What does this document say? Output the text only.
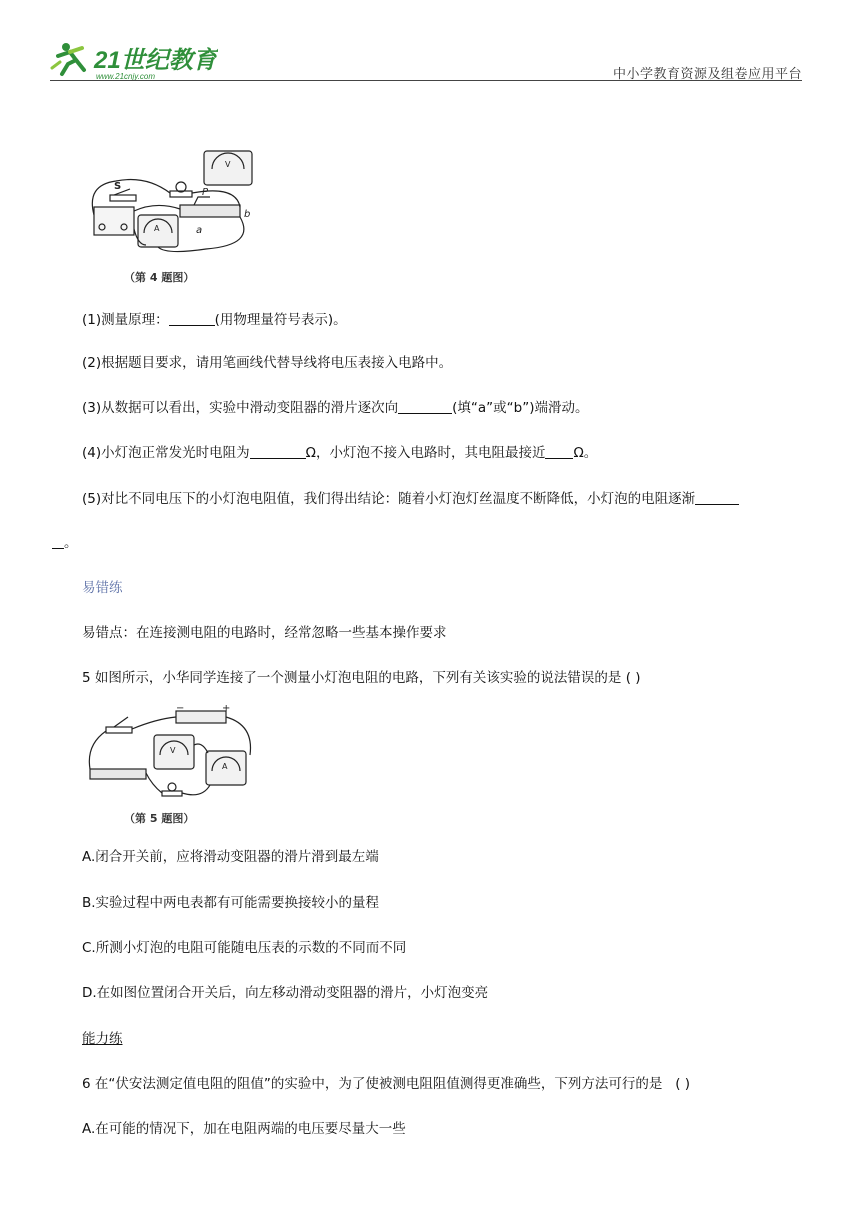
21世纪教育
www.21cnjy.com	中小学教育资源及组卷应用平台
V
S
P
a
b
A
（第 4 题图）
(1)测量原理：	(用物理量符号表示)。
(2)根据题目要求，请用笔画线代替导线将电压表接入电路中。
(3)从数据可以看出，实验中滑动变阻器的滑片逐次向	(填“a”或“b”)端滑动。
(4)小灯泡正常发光时电阻为	Ω，小灯泡不接入电路时，其电阻最接近 Ω。
(5)对比不同电压下的小灯泡电阻值，我们得出结论：随着小灯泡灯丝温度不断降低，小灯泡的电阻逐渐
。
易错练
易错点：在连接测电阻的电路时，经常忽略一些基本操作要求
5 如图所示，小华同学连接了一个测量小灯泡电阻的电路，下列有关该实验的说法错误的是 ( )
−	+
V
A
（第 5 题图）
A.闭合开关前，应将滑动变阻器的滑片滑到最左端
B.实验过程中两电表都有可能需要换接较小的量程
C.所测小灯泡的电阻可能随电压表的示数的不同而不同
D.在如图位置闭合开关后，向左移动滑动变阻器的滑片，小灯泡变亮
能力练
6 在“伏安法测定值电阻的阻值”的实验中，为了使被测电阻阻值测得更准确些，下列方法可行的是 ( )
A.在可能的情况下，加在电阻两端的电压要尽量大一些
